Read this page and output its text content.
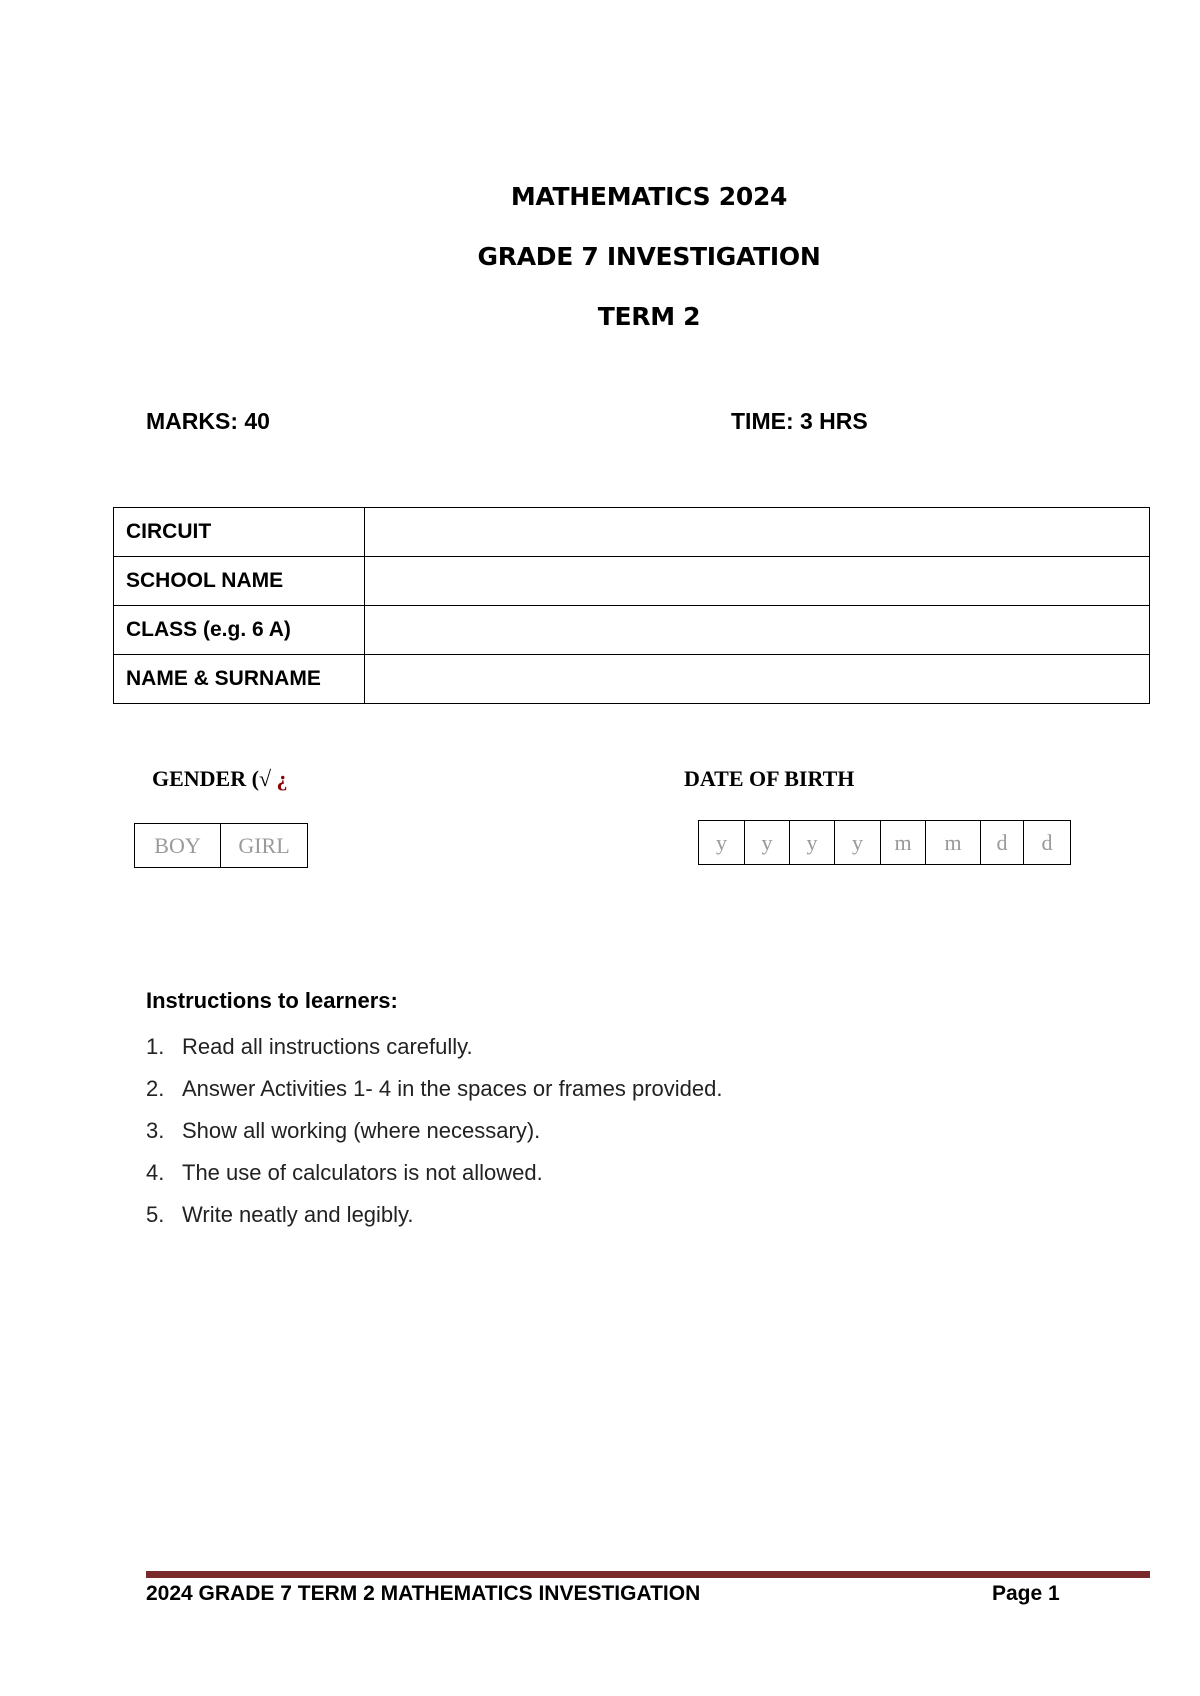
MATHEMATICS 2024
GRADE 7 INVESTIGATION
TERM 2
MARKS: 40	TIME: 3 HRS
CIRCUIT	
SCHOOL NAME	
CLASS (e.g. 6 A)	
NAME & SURNAME	
GENDER (√ ¿
BOY	GIRL
DATE OF BIRTH
y	y	y	y	m	m	d	d
Instructions to learners:
1. Read all instructions carefully.
2. Answer Activities 1- 4 in the spaces or frames provided.
3. Show all working (where necessary).
4. The use of calculators is not allowed.
5. Write neatly and legibly.
2024 GRADE 7 TERM 2 MATHEMATICS INVESTIGATION	Page 1
